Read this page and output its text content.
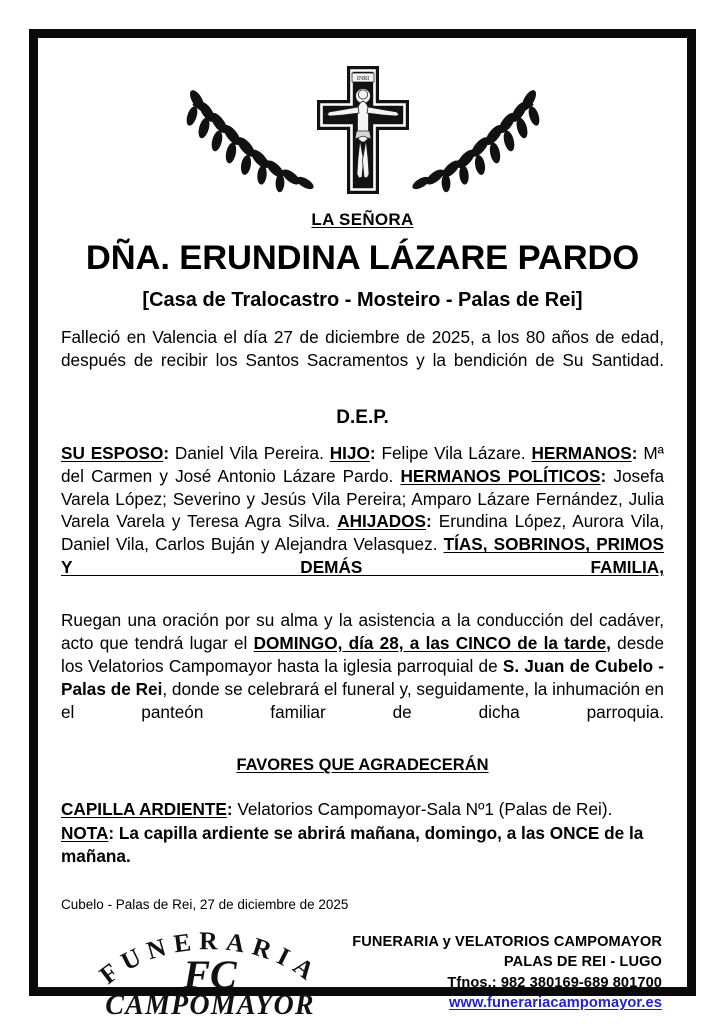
INRI
LA SEÑORA
DÑA. ERUNDINA LÁZARE PARDO
[Casa de Tralocastro - Mosteiro - Palas de Rei]
Falleció en Valencia el día 27 de diciembre de 2025, a los 80 años de edad, después de recibir los Santos Sacramentos y la bendición de Su Santidad.
D.E.P.
SU ESPOSO: Daniel Vila Pereira. HIJO: Felipe Vila Lázare. HERMANOS: Mª del Carmen y José Antonio Lázare Pardo. HERMANOS POLÍTICOS: Josefa Varela López; Severino y Jesús Vila Pereira; Amparo Lázare Fernández, Julia Varela Varela y Teresa Agra Silva. AHIJADOS: Erundina López, Aurora Vila, Daniel Vila, Carlos Buján y Alejandra Velasquez. TÍAS, SOBRINOS, PRIMOS Y DEMÁS FAMILIA,
Ruegan una oración por su alma y la asistencia a la conducción del cadáver, acto que tendrá lugar el DOMINGO, día 28, a las CINCO de la tarde, desde los Velatorios Campomayor hasta la iglesia parroquial de S. Juan de Cubelo - Palas de Rei, donde se celebrará el funeral y, seguidamente, la inhumación en el panteón familiar de dicha parroquia.
FAVORES QUE AGRADECERÁN
CAPILLA ARDIENTE: Velatorios Campomayor-Sala Nº1 (Palas de Rei).
NOTA: La capilla ardiente se abrirá mañana, domingo, a las ONCE de la mañana.
Cubelo - Palas de Rei, 27 de diciembre de 2025
FUNERARIA
FC
CAMPOMAYOR
FUNERARIA y VELATORIOS CAMPOMAYOR
PALAS DE REI - LUGO
Tfnos.: 982 380169-689 801700
www.funerariacampomayor.es
